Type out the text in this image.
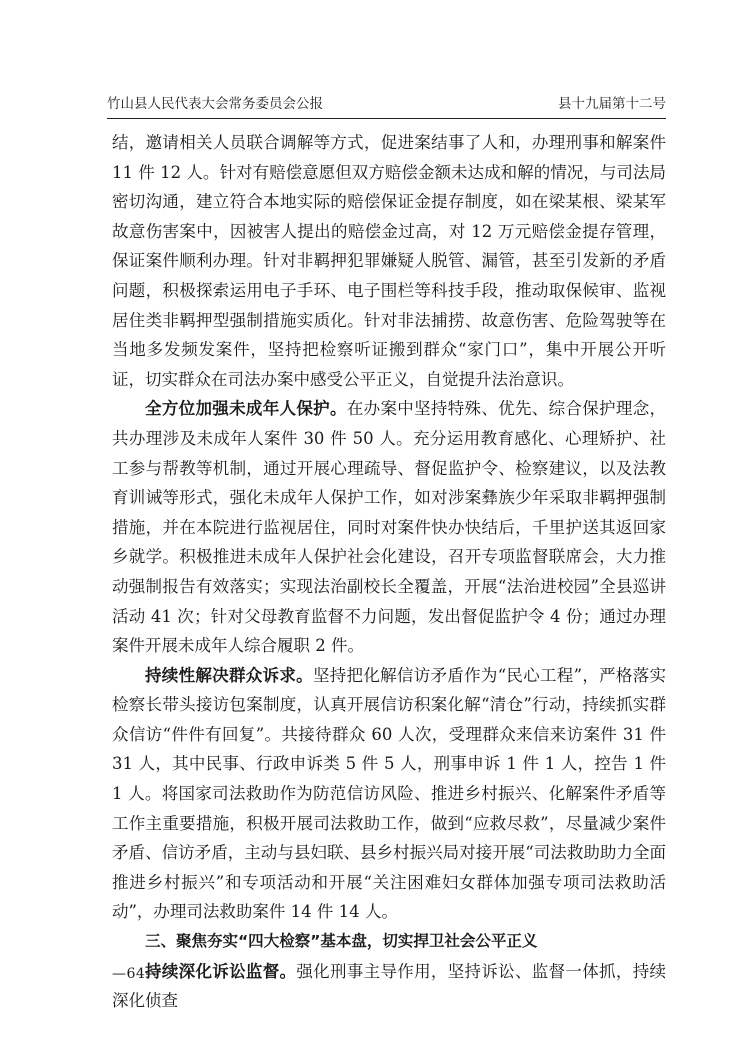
竹山县人民代表大会常务委员会公报	县十九届第十二号

结，邀请相关人员联合调解等方式，促进案结事了人和，办理刑事和解案件 11 件 12 人。针对有赔偿意愿但双方赔偿金额未达成和解的情况，与司法局密切沟通，建立符合本地实际的赔偿保证金提存制度，如在梁某根、梁某军故意伤害案中，因被害人提出的赔偿金过高，对 12 万元赔偿金提存管理，保证案件顺利办理。针对非羁押犯罪嫌疑人脱管、漏管，甚至引发新的矛盾问题，积极探索运用电子手环、电子围栏等科技手段，推动取保候审、监视居住类非羁押型强制措施实质化。针对非法捕捞、故意伤害、危险驾驶等在当地多发频发案件，坚持把检察听证搬到群众“家门口”，集中开展公开听证，切实群众在司法办案中感受公平正义，自觉提升法治意识。

全方位加强未成年人保护。在办案中坚持特殊、优先、综合保护理念，共办理涉及未成年人案件 30 件 50 人。充分运用教育感化、心理矫护、社工参与帮教等机制，通过开展心理疏导、督促监护令、检察建议，以及法教育训诫等形式，强化未成年人保护工作，如对涉案彝族少年采取非羁押强制措施，并在本院进行监视居住，同时对案件快办快结后，千里护送其返回家乡就学。积极推进未成年人保护社会化建设，召开专项监督联席会，大力推动强制报告有效落实；实现法治副校长全覆盖，开展“法治进校园”全县巡讲活动 41 次；针对父母教育监督不力问题，发出督促监护令 4 份；通过办理案件开展未成年人综合履职 2 件。

持续性解决群众诉求。坚持把化解信访矛盾作为“民心工程”，严格落实检察长带头接访包案制度，认真开展信访积案化解“清仓”行动，持续抓实群众信访“件件有回复”。共接待群众 60 人次，受理群众来信来访案件 31 件 31 人，其中民事、行政申诉类 5 件 5 人，刑事申诉 1 件 1 人，控告 1 件 1 人。将国家司法救助作为防范信访风险、推进乡村振兴、化解案件矛盾等工作主重要措施，积极开展司法救助工作，做到“应救尽救”，尽量减少案件矛盾、信访矛盾，主动与县妇联、县乡村振兴局对接开展“司法救助助力全面推进乡村振兴”和专项活动和开展“关注困难妇女群体加强专项司法救助活动”，办理司法救助案件 14 件 14 人。

三、聚焦夯实“四大检察”基本盘，切实捍卫社会公平正义

持续深化诉讼监督。强化刑事主导作用，坚持诉讼、监督一体抓，持续深化侦查

—64—
